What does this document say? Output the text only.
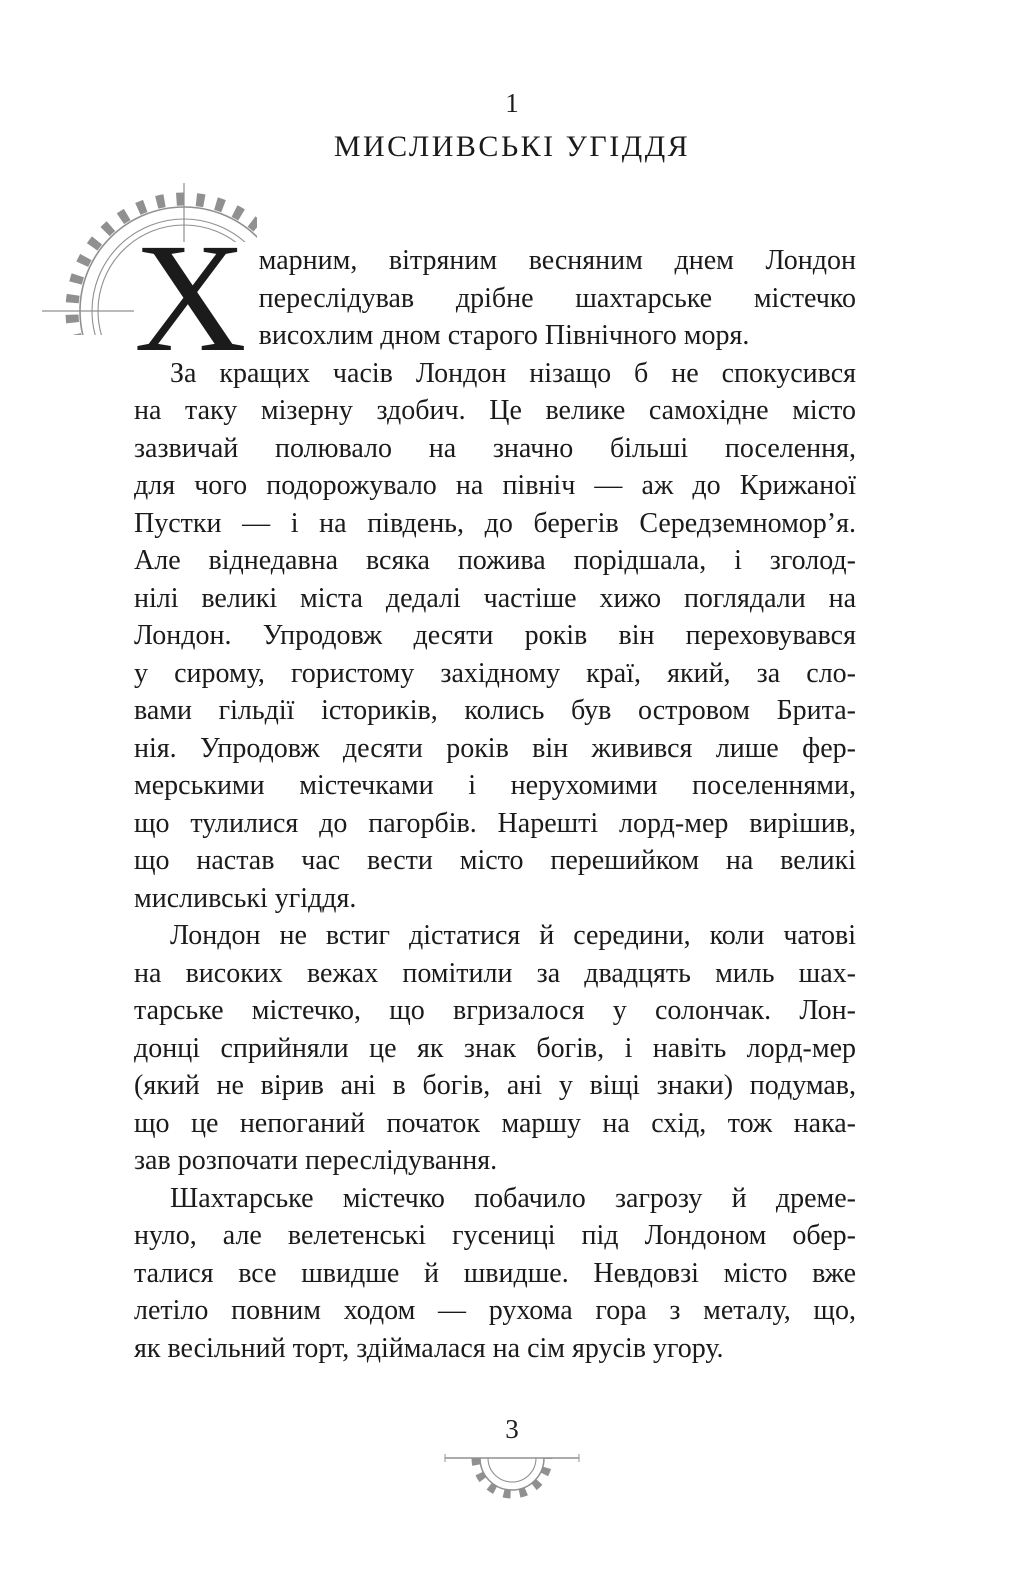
1
МИСЛИВСЬКІ УГІДДЯ
Х марним, вітряним весняним днем Лондон
переслідував дрібне шахтарське містечко
висохлим дном старого Північного моря.
За кращих часів Лондон нізащо б не спокусився
на таку мізерну здобич. Це велике самохідне місто
зазвичай полювало на значно більші поселення,
для чого подорожувало на північ — аж до Крижаної
Пустки — і на південь, до берегів Середземномор’я.
Але віднедавна всяка пожива порідшала, і зголод-
нілі великі міста дедалі частіше хижо поглядали на
Лондон. Упродовж десяти років він переховувався
у сирому, гористому західному краї, який, за сло-
вами гільдії істориків, колись був островом Брита-
нія. Упродовж десяти років він живився лише фер-
мерськими містечками і нерухомими поселеннями,
що тулилися до пагорбів. Нарешті лорд-мер вирішив,
що настав час вести місто перешийком на великі
мисливські угіддя.
Лондон не встиг дістатися й середини, коли чатові
на високих вежах помітили за двадцять миль шах-
тарське містечко, що вгризалося у солончак. Лон-
донці сприйняли це як знак богів, і навіть лорд-мер
(який не вірив ані в богів, ані у віщі знаки) подумав,
що це непоганий початок маршу на схід, тож нака-
зав розпочати переслідування.
Шахтарське містечко побачило загрозу й дреме-
нуло, але велетенські гусениці під Лондоном обер-
талися все швидше й швидше. Невдовзі місто вже
летіло повним ходом — рухома гора з металу, що,
як весільний торт, здіймалася на сім ярусів угору.
3
